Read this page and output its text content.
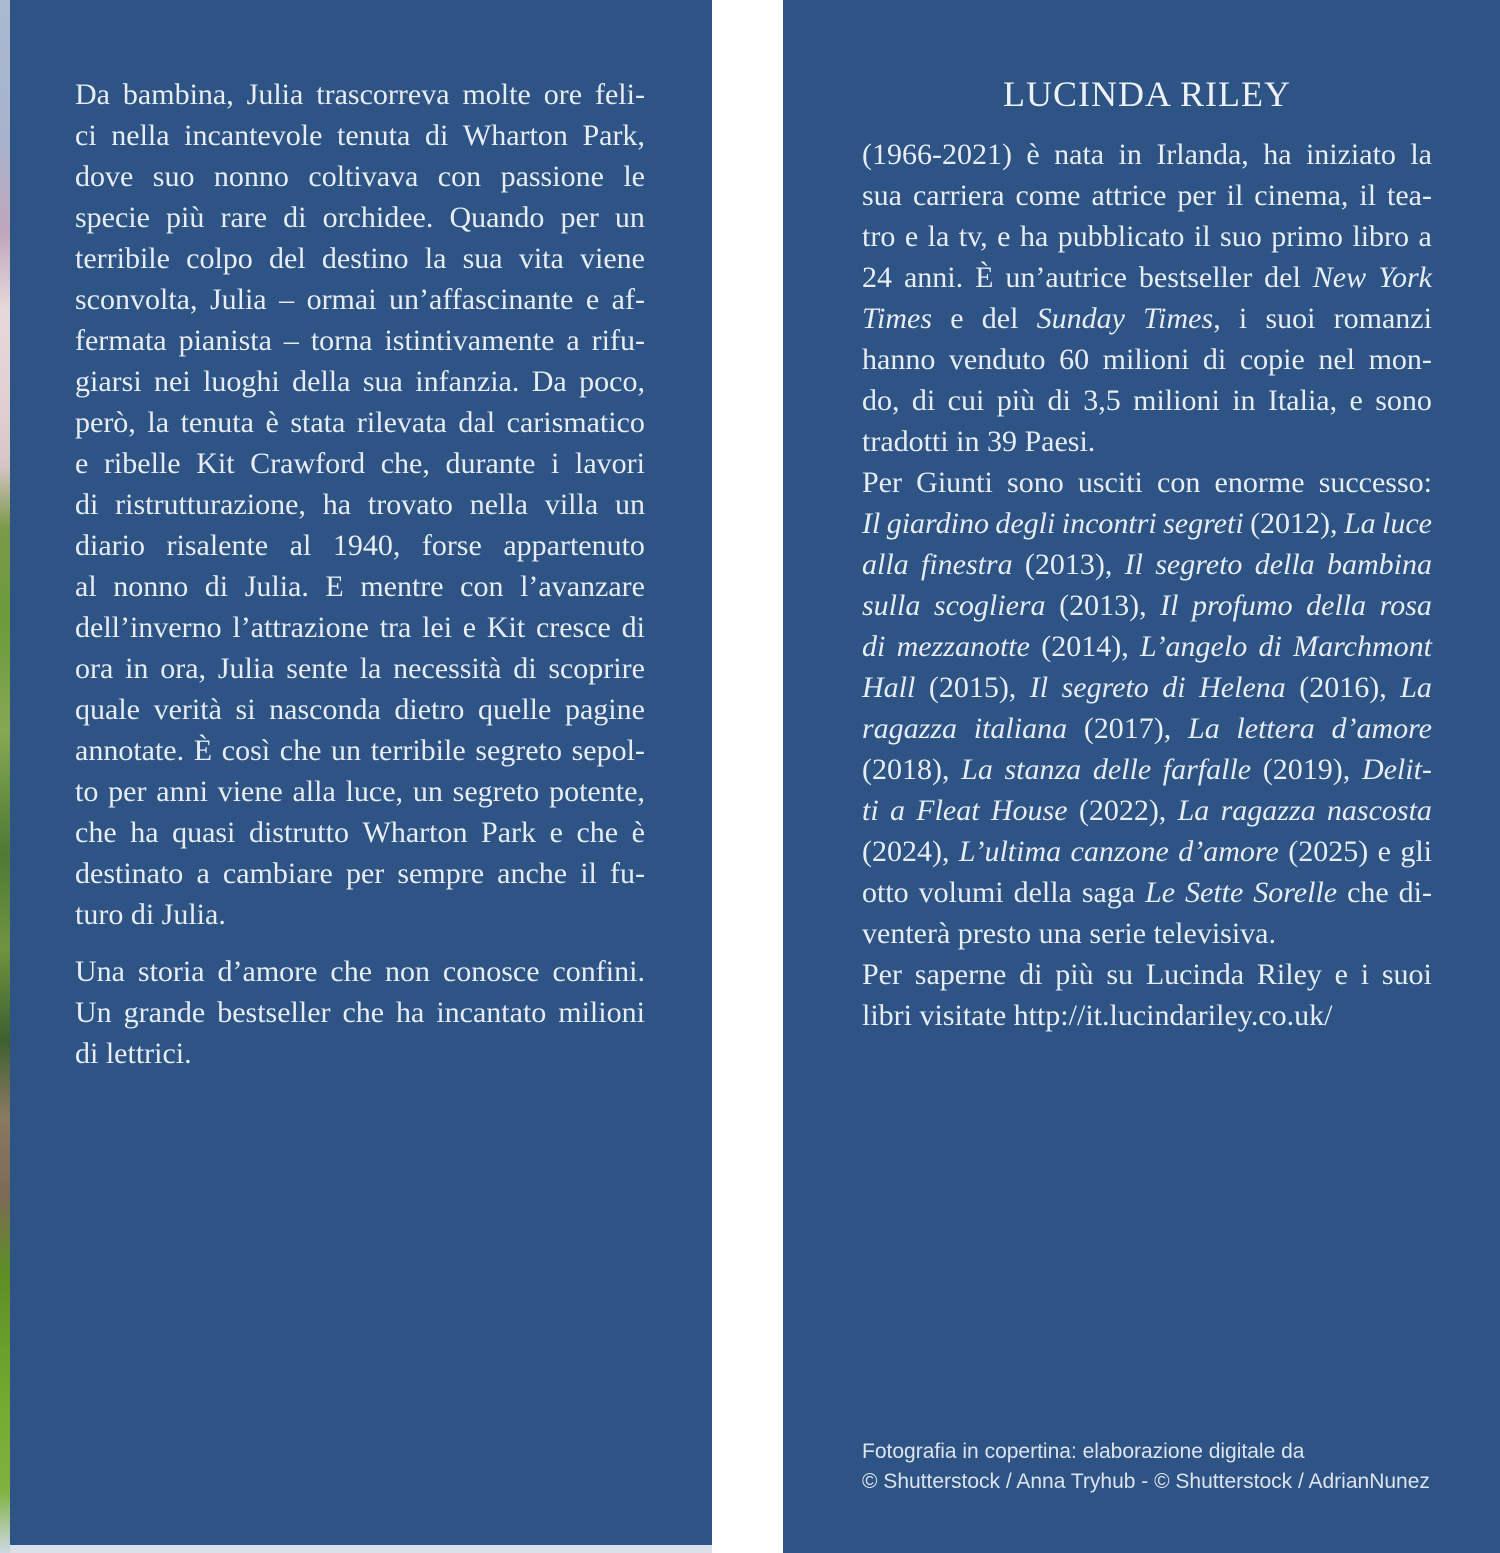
Da bambina, Julia trascorreva molte ore feli-
ci nella incantevole tenuta di Wharton Park,
dove suo nonno coltivava con passione le
specie più rare di orchidee. Quando per un
terribile colpo del destino la sua vita viene
sconvolta, Julia – ormai un’affascinante e af-
fermata pianista – torna istintivamente a rifu-
giarsi nei luoghi della sua infanzia. Da poco,
però, la tenuta è stata rilevata dal carismatico
e ribelle Kit Crawford che, durante i lavori
di ristrutturazione, ha trovato nella villa un
diario risalente al 1940, forse appartenuto
al nonno di Julia. E mentre con l’avanzare
dell’inverno l’attrazione tra lei e Kit cresce di
ora in ora, Julia sente la necessità di scoprire
quale verità si nasconda dietro quelle pagine
annotate. È così che un terribile segreto sepol-
to per anni viene alla luce, un segreto potente,
che ha quasi distrutto Wharton Park e che è
destinato a cambiare per sempre anche il fu-
turo di Julia.
Una storia d’amore che non conosce confini.
Un grande bestseller che ha incantato milioni
di lettrici.
LUCINDA RILEY
(1966-2021) è nata in Irlanda, ha iniziato la
sua carriera come attrice per il cinema, il tea-
tro e la tv, e ha pubblicato il suo primo libro a
24 anni. È un’autrice bestseller del New York
Times e del Sunday Times, i suoi romanzi
hanno venduto 60 milioni di copie nel mon-
do, di cui più di 3,5 milioni in Italia, e sono
tradotti in 39 Paesi.
Per Giunti sono usciti con enorme successo:
Il giardino degli incontri segreti (2012), La luce
alla finestra (2013), Il segreto della bambina
sulla scogliera (2013), Il profumo della rosa
di mezzanotte (2014), L’angelo di Marchmont
Hall (2015), Il segreto di Helena (2016), La
ragazza italiana (2017), La lettera d’amore
(2018), La stanza delle farfalle (2019), Delit-
ti a Fleat House (2022), La ragazza nascosta
(2024), L’ultima canzone d’amore (2025) e gli
otto volumi della saga Le Sette Sorelle che di-
venterà presto una serie televisiva.
Per saperne di più su Lucinda Riley e i suoi
libri visitate http://it.lucindariley.co.uk/
Fotografia in copertina: elaborazione digitale da
© Shutterstock / Anna Tryhub - © Shutterstock / AdrianNunez
